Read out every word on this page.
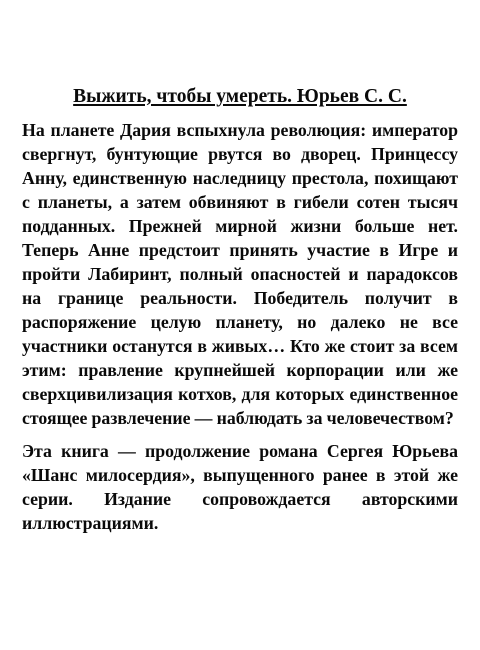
Выжить, чтобы умереть. Юрьев С. С.

На планете Дария вспыхнула революция: император свергнут, бунтующие рвутся во дворец. Принцессу Анну, единственную наследницу престола, похищают с планеты, а затем обвиняют в гибели сотен тысяч подданных. Прежней мирной жизни больше нет. Теперь Анне предстоит принять участие в Игре и пройти Лабиринт, полный опасностей и парадоксов на границе реальности. Победитель получит в распоряжение целую планету, но далеко не все участники останутся в живых… Кто же стоит за всем этим: правление крупнейшей корпорации или же сверхцивилизация котхов, для которых единственное стоящее развлечение — наблюдать за человечеством?

Эта книга — продолжение романа Сергея Юрьева «Шанс милосердия», выпущенного ранее в этой же серии. Издание сопровождается авторскими иллюстрациями.
